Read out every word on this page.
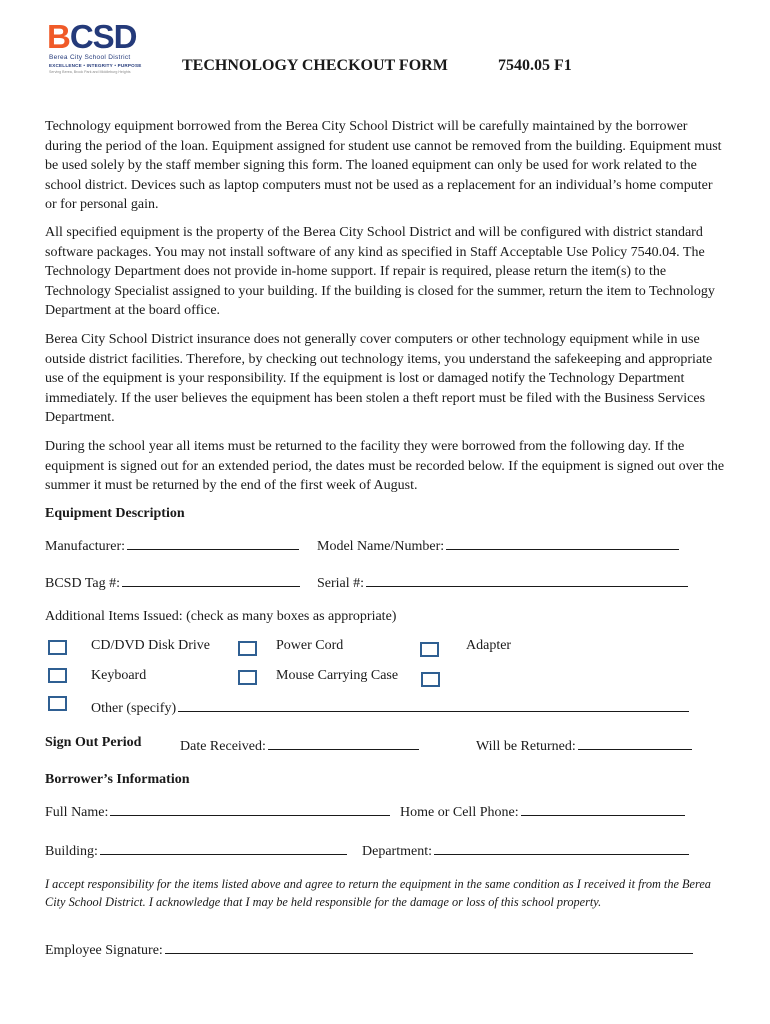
BCSD
Berea City School District
EXCELLENCE • INTEGRITY • PURPOSE
Serving Berea, Brook Park and Middleburg Heights	TECHNOLOGY CHECKOUT FORM	7540.05 F1

Technology equipment borrowed from the Berea City School District will be carefully maintained by the borrower during the period of the loan. Equipment assigned for student use cannot be removed from the building. Equipment must be used solely by the staff member signing this form. The loaned equipment can only be used for work related to the school district. Devices such as laptop computers must not be used as a replacement for an individual’s home computer or for personal gain.

All specified equipment is the property of the Berea City School District and will be configured with district standard software packages. You may not install software of any kind as specified in Staff Acceptable Use Policy 7540.04. The Technology Department does not provide in-home support. If repair is required, please return the item(s) to the Technology Specialist assigned to your building. If the building is closed for the summer, return the item to Technology Department at the board office.

Berea City School District insurance does not generally cover computers or other technology equipment while in use outside district facilities. Therefore, by checking out technology items, you understand the safekeeping and appropriate use of the equipment is your responsibility. If the equipment is lost or damaged notify the Technology Department immediately. If the user believes the equipment has been stolen a theft report must be filed with the Business Services Department.

During the school year all items must be returned to the facility they were borrowed from the following day. If the equipment is signed out for an extended period, the dates must be recorded below. If the equipment is signed out over the summer it must be returned by the end of the first week of August.

Equipment Description
Manufacturer:	Model Name/Number:
BCSD Tag #:	Serial #:
Additional Items Issued: (check as many boxes as appropriate)
CD/DVD Disk Drive	Power Cord	Adapter
Keyboard	Mouse Carrying Case
Other (specify)
Sign Out Period	Date Received:	Will be Returned:
Borrower’s Information
Full Name:	Home or Cell Phone:
Building:	Department:

I accept responsibility for the items listed above and agree to return the equipment in the same condition as I received it from the Berea City School District. I acknowledge that I may be held responsible for the damage or loss of this school property.

Employee Signature:
